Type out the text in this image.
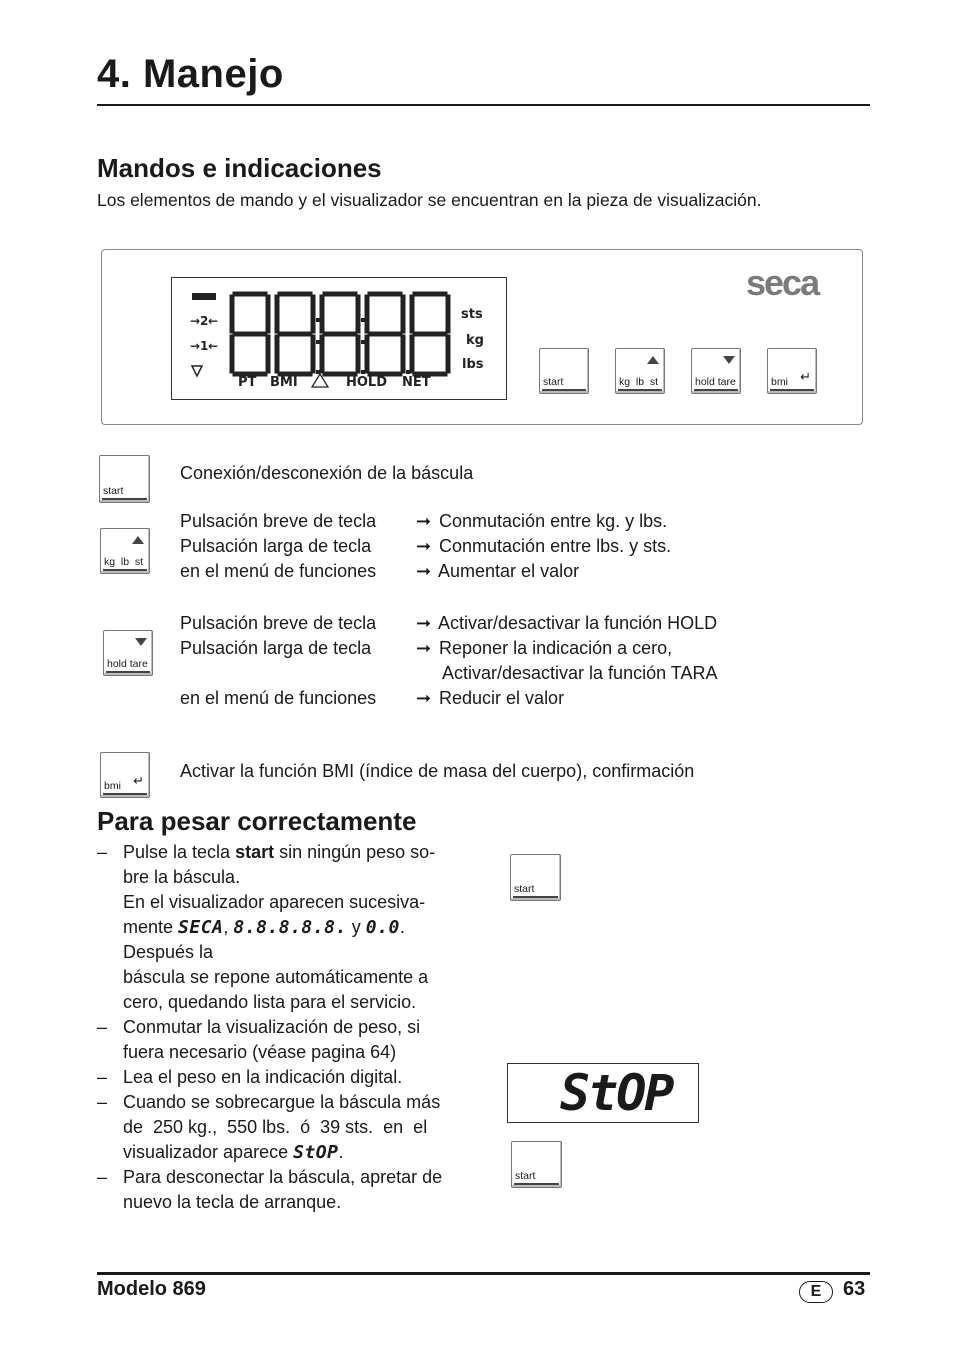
4. Manejo
Mandos e indicaciones
Los elementos de mando y el visualizador se encuentran en la pieza de visualización.
→ 2 ←
→ 1 ←
sts
kg
lbs
PT BMI	HOLD NET
seca
start	kg  lb  st	hold tare	bmi ↵
start
Conexión/desconexión de la báscula
kg  lb  st
Pulsación breve de tecla ➞ Conmutación entre kg. y lbs.
Pulsación larga de tecla ➞ Conmutación entre lbs. y sts.
en el menú de funciones ➞ Aumentar el valor
hold tare
Pulsación breve de tecla ➞ Activar/desactivar la función HOLD
Pulsación larga de tecla ➞ Reponer la indicación a cero,
Activar/desactivar la función TARA
en el menú de funciones ➞ Reducir el valor
bmi ↵ Activar la función BMI (índice de masa del cuerpo), confirmación
Para pesar correctamente
– Pulse la tecla start sin ningún peso so-
bre la báscula.
En el visualizador aparecen sucesiva-
mente SECA, 8.8.8.8.8. y 0.0. Después la
báscula se repone automáticamente a
cero, quedando lista para el servicio.
– Conmutar la visualización de peso, si
fuera necesario (véase pagina 64)
– Lea el peso en la indicación digital.
– Cuando se sobrecargue la báscula más
de  250 kg.,  550 lbs.  ó  39 sts.  en  el
visualizador aparece StOP.
– Para desconectar la báscula, apretar de
nuevo la tecla de arranque.
start
StOP
start
Modelo 869	E	63
